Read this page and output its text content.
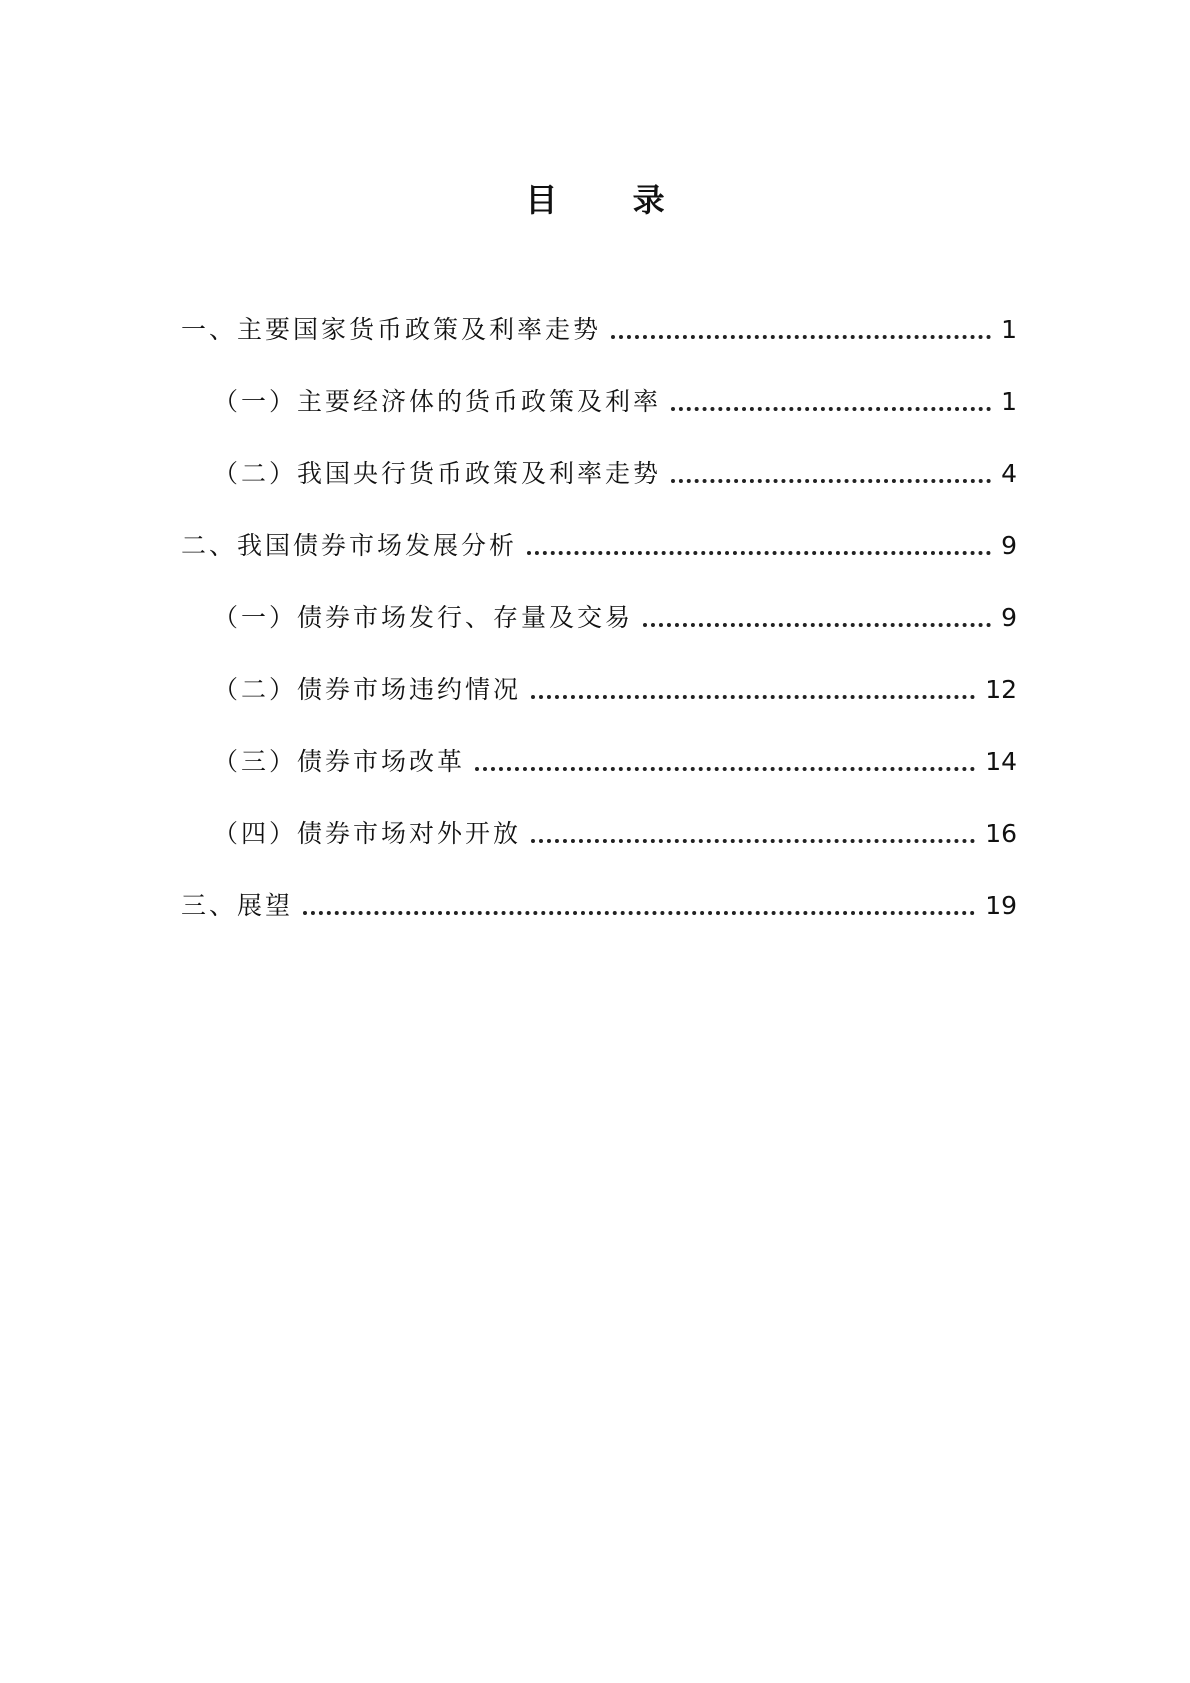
目 录
一、主要国家货币政策及利率走势	1
（一）主要经济体的货币政策及利率	1
（二）我国央行货币政策及利率走势	4
二、我国债券市场发展分析	9
（一）债券市场发行、存量及交易	9
（二）债券市场违约情况	12
（三）债券市场改革	14
（四）债券市场对外开放	16
三、展望	19
